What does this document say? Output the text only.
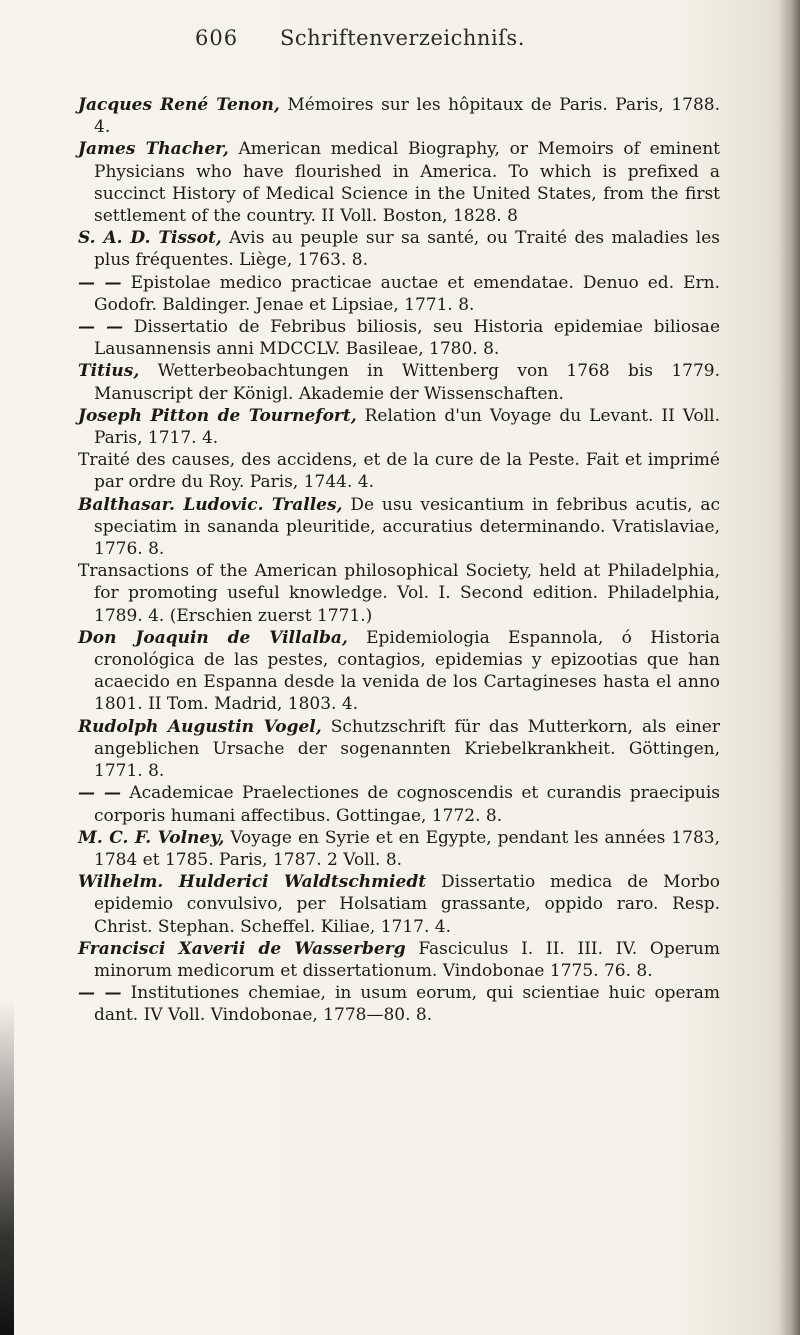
606 Schriftenverzeichniſs.

Jacques René Tenon, Mémoires sur les hôpitaux de Paris. Paris, 1788. 4.

James Thacher, American medical Biography, or Memoirs of eminent Physicians who have flourished in America. To which is prefixed a succinct History of Medical Science in the United States, from the first settlement of the country. II Voll. Boston, 1828. 8

S. A. D. Tissot, Avis au peuple sur sa santé, ou Traité des maladies les plus fréquentes. Liège, 1763. 8.

— — Epistolae medico practicae auctae et emendatae. Denuo ed. Ern. Godofr. Baldinger. Jenae et Lipsiae, 1771. 8.

— — Dissertatio de Febribus biliosis, seu Historia epidemiae biliosae Lausannensis anni MDCCLV. Basileae, 1780. 8.

Titius, Wetterbeobachtungen in Wittenberg von 1768 bis 1779. Manuscript der Königl. Akademie der Wissenschaften.

Joseph Pitton de Tournefort, Relation d'un Voyage du Levant. II Voll. Paris, 1717. 4.

Traité des causes, des accidens, et de la cure de la Peste. Fait et imprimé par ordre du Roy. Paris, 1744. 4.

Balthasar. Ludovic. Tralles, De usu vesicantium in febribus acutis, ac speciatim in sananda pleuritide, accuratius determinando. Vratislaviae, 1776. 8.

Transactions of the American philosophical Society, held at Philadelphia, for promoting useful knowledge. Vol. I. Second edition. Philadelphia, 1789. 4. (Erschien zuerst 1771.)

Don Joaquin de Villalba, Epidemiologia Espannola, ó Historia cronológica de las pestes, contagios, epidemias y epizootias que han acaecido en Espanna desde la venida de los Cartagineses hasta el anno 1801. II Tom. Madrid, 1803. 4.

Rudolph Augustin Vogel, Schutzschrift für das Mutterkorn, als einer angeblichen Ursache der sogenannten Kriebelkrankheit. Göttingen, 1771. 8.

— — Academicae Praelectiones de cognoscendis et curandis praecipuis corporis humani affectibus. Gottingae, 1772. 8.

M. C. F. Volney, Voyage en Syrie et en Egypte, pendant les années 1783, 1784 et 1785. Paris, 1787. 2 Voll. 8.

Wilhelm. Hulderici Waldtschmiedt Dissertatio medica de Morbo epidemio convulsivo, per Holsatiam grassante, oppido raro. Resp. Christ. Stephan. Scheffel. Kiliae, 1717. 4.

Francisci Xaverii de Wasserberg Fasciculus I. II. III. IV. Operum minorum medicorum et dissertationum. Vindobonae 1775. 76. 8.

— — Institutiones chemiae, in usum eorum, qui scientiae huic operam dant. IV Voll. Vindobonae, 1778—80. 8.
